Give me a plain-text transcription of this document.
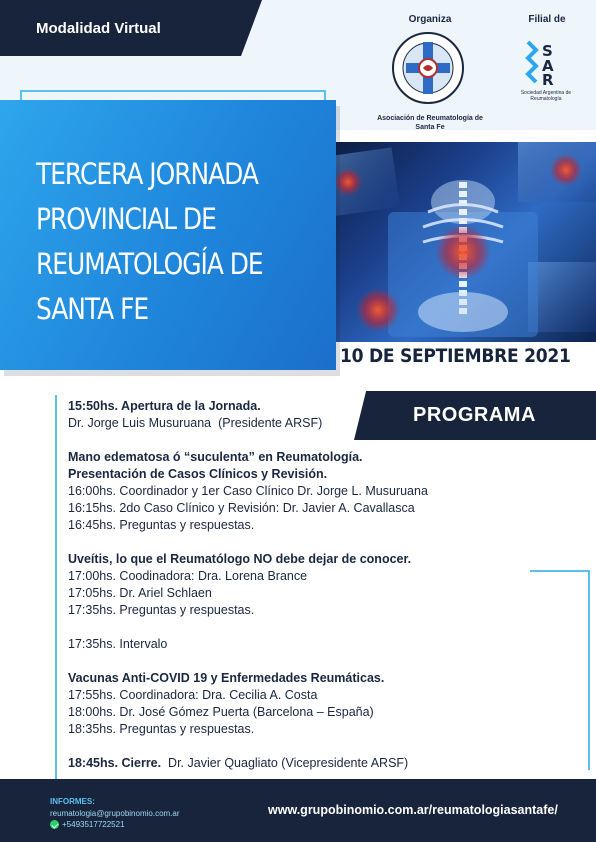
Modalidad Virtual
Organiza
Asociación de Reumatología de Santa Fe
Filial de
S
A
R
Sociedad Argentina de Reumatología
TERCERA JORNADA
PROVINCIAL DE
REUMATOLOGÍA DE
SANTA FE
10 DE SEPTIEMBRE 2021
PROGRAMA
15:50hs. Apertura de la Jornada.
Dr. Jorge Luis Musuruana  (Presidente ARSF)
Mano edematosa ó “suculenta” en Reumatología.
Presentación de Casos Clínicos y Revisión.
16:00hs. Coordinador y 1er Caso Clínico Dr. Jorge L. Musuruana
16:15hs. 2do Caso Clínico y Revisión: Dr. Javier A. Cavallasca
16:45hs. Preguntas y respuestas.
Uveítis, lo que el Reumatólogo NO debe dejar de conocer.
17:00hs. Coodinadora: Dra. Lorena Brance
17:05hs. Dr. Ariel Schlaen
17:35hs. Preguntas y respuestas.
17:35hs. Intervalo
Vacunas Anti-COVID 19 y Enfermedades Reumáticas.
17:55hs. Coordinadora: Dra. Cecilia A. Costa
18:00hs. Dr. José Gómez Puerta (Barcelona – España)
18:35hs. Preguntas y respuestas.
18:45hs. Cierre.  Dr. Javier Quagliato (Vicepresidente ARSF)
INFORMES:
reumatologia@grupobinomio.com.ar
+5493517722521
www.grupobinomio.com.ar/reumatologiasantafe/
